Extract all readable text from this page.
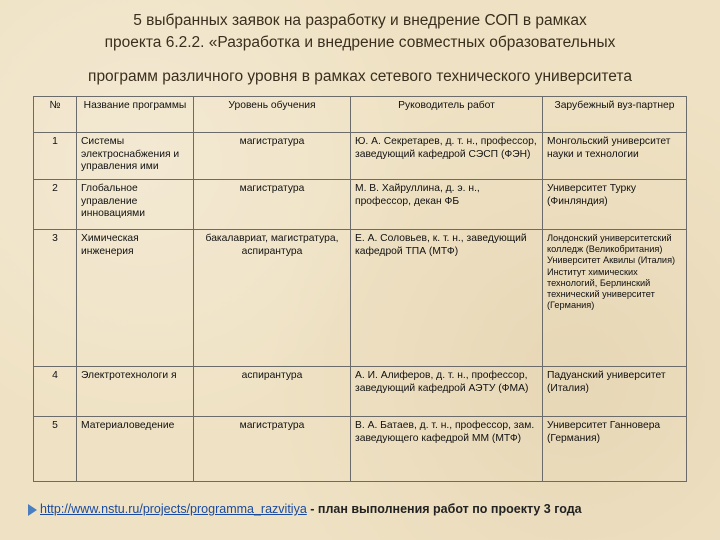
5 выбранных заявок на разработку и внедрение СОП в рамках
проекта 6.2.2. «Разработка и внедрение совместных образовательных
программ различного уровня в рамках сетевого технического университета
№	Название программы	Уровень обучения	Руководитель работ	Зарубежный вуз-партнер
1	Системы электроснабжения и управления ими	магистратура	Ю. А. Секретарев, д. т. н., профессор, заведующий кафедрой СЭСП (ФЭН)	Монгольский университет науки и технологии
2	Глобальное управление инновациями	магистратура	М. В. Хайруллина, д. э. н., профессор, декан ФБ	Университет Турку (Финляндия)
3	Химическая инженерия	бакалавриат, магистратура, аспирантура	Е. А. Соловьев, к. т. н., заведующий кафедрой ТПА (МТФ)	Лондонский университетский колледж (Великобритания) Университет Аквилы (Италия) Институт химических технологий, Берлинский технический университет (Германия)
4	Электротехнологи я	аспирантура	А. И. Алиферов, д. т. н., профессор, заведующий кафедрой АЭТУ (ФМА)	Падуанский университет (Италия)
5	Материаловедение	магистратура	В. А. Батаев, д. т. н., профессор, зам. заведующего кафедрой ММ (МТФ)	Университет Ганновера (Германия)
http://www.nstu.ru/projects/programma_razvitiya - план выполнения работ по проекту 3 года
